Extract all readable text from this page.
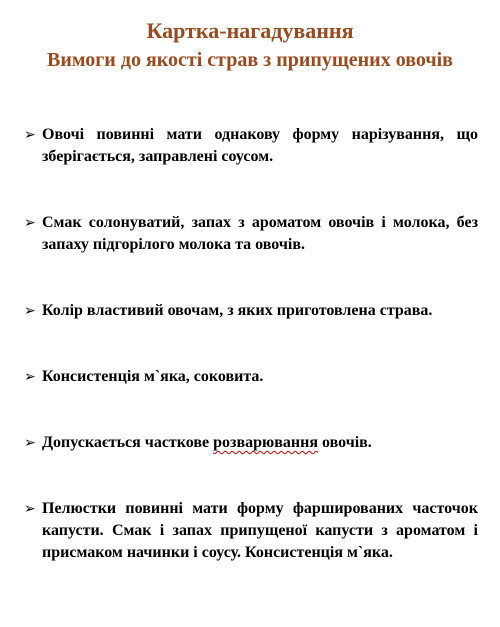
Картка-нагадування
Вимоги до якості страв з припущених овочів
➢ Овочі повинні мати однакову форму нарізування, що зберігається, заправлені соусом.
➢ Смак солонуватий, запах з ароматом овочів і молока, без запаху підгорілого молока та овочів.
➢ Колір властивий овочам, з яких приготовлена страва.
➢ Консистенція м`яка, соковита.
➢ Допускається часткове розварювання овочів.
➢ Пелюстки повинні мати форму фаршированих часточок капусти. Смак і запах припущеної капусти з ароматом і присмаком начинки і соусу. Консистенція м`яка.
